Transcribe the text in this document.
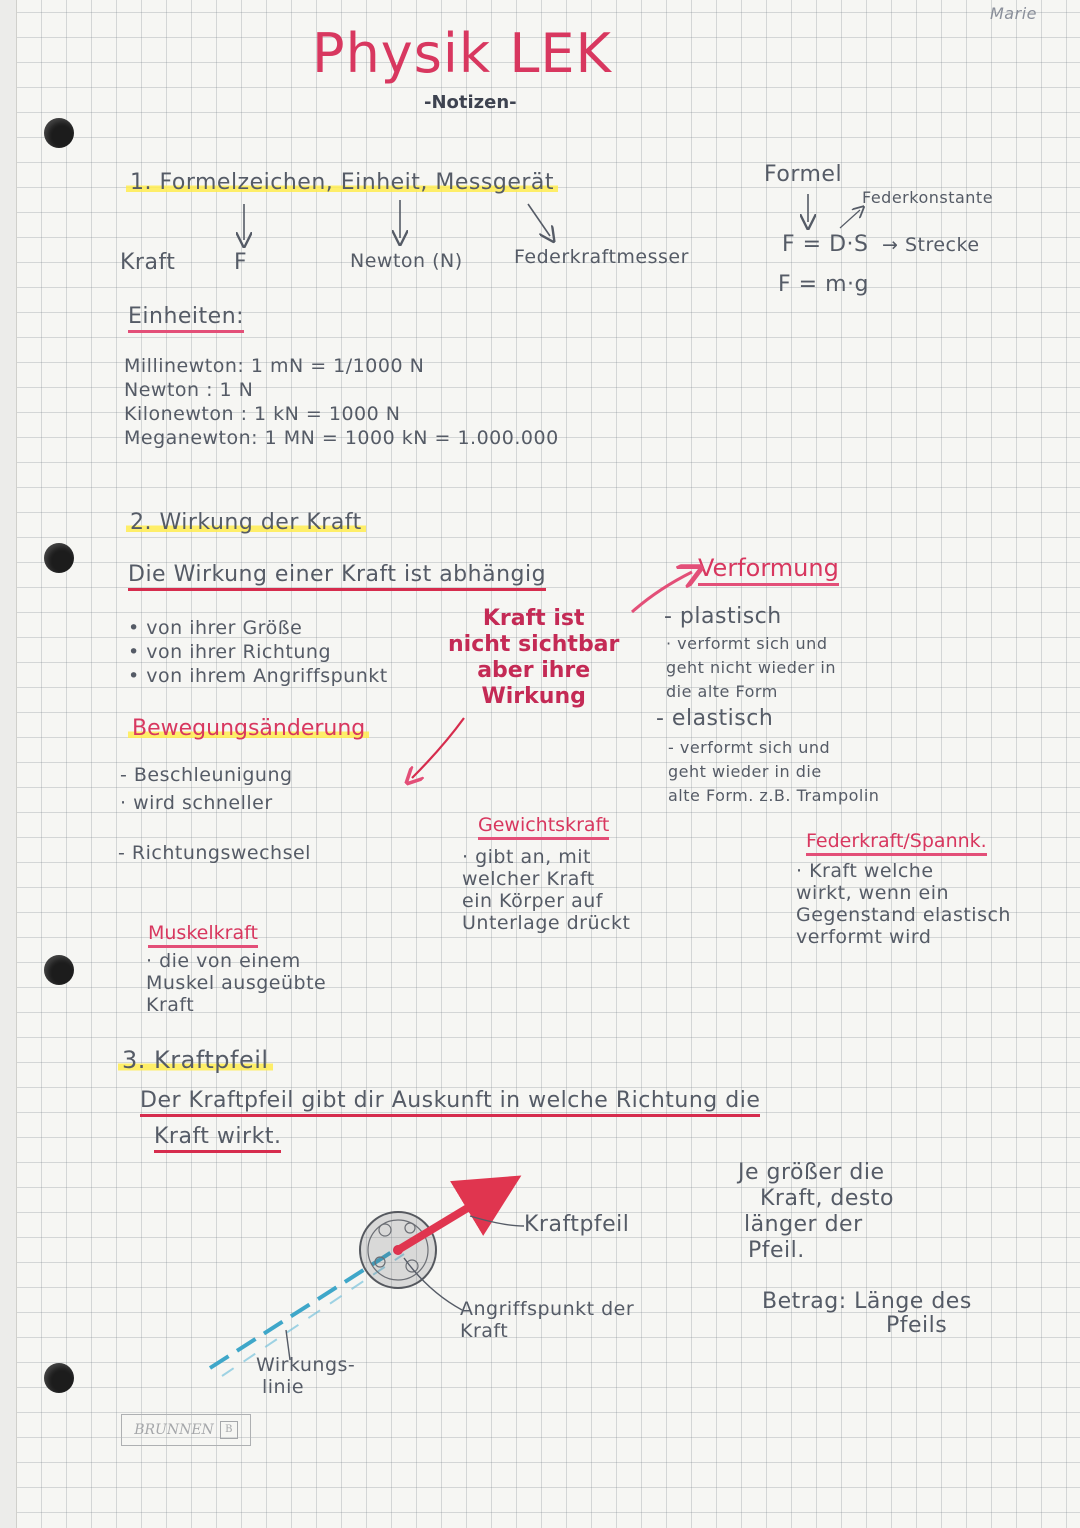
Marie
Physik LEK
-Notizen-
1. Formelzeichen, Einheit, Messgerät
Kraft	F	Newton (N)	Federkraftmesser
Formel
Federkonstante
F = D·S → Strecke
F = m·g
Einheiten:
Millinewton: 1 mN = 1/1000 N
Newton : 1 N
Kilonewton : 1 kN = 1000 N
Meganewton: 1 MN = 1000 kN = 1.000.000
2. Wirkung der Kraft
Die Wirkung einer Kraft ist abhängig
• von ihrer Größe
• von ihrer Richtung
• von ihrem Angriffspunkt
Kraft ist
nicht sichtbar
aber ihre
Wirkung
Verformung
- plastisch
· verformt sich und
geht nicht wieder in
die alte Form
- elastisch
- verformt sich und
geht wieder in die
alte Form. z.B. Trampolin
Bewegungsänderung
- Beschleunigung
· wird schneller
- Richtungswechsel
Gewichtskraft
· gibt an, mit
welcher Kraft
ein Körper auf
Unterlage drückt
Federkraft/Spannk.
· Kraft welche
wirkt, wenn ein
Gegenstand elastisch
verformt wird
Muskelkraft
· die von einem
Muskel ausgeübte
Kraft
3. Kraftpfeil
Der Kraftpfeil gibt dir Auskunft in welche Richtung die
Kraft wirkt.
Kraftpfeil
Angriffspunkt der
Kraft
Wirkungs-
linie
Je größer die
Kraft, desto
länger der
Pfeil.
Betrag: Länge des
Pfeils
BRUNNEN	B
